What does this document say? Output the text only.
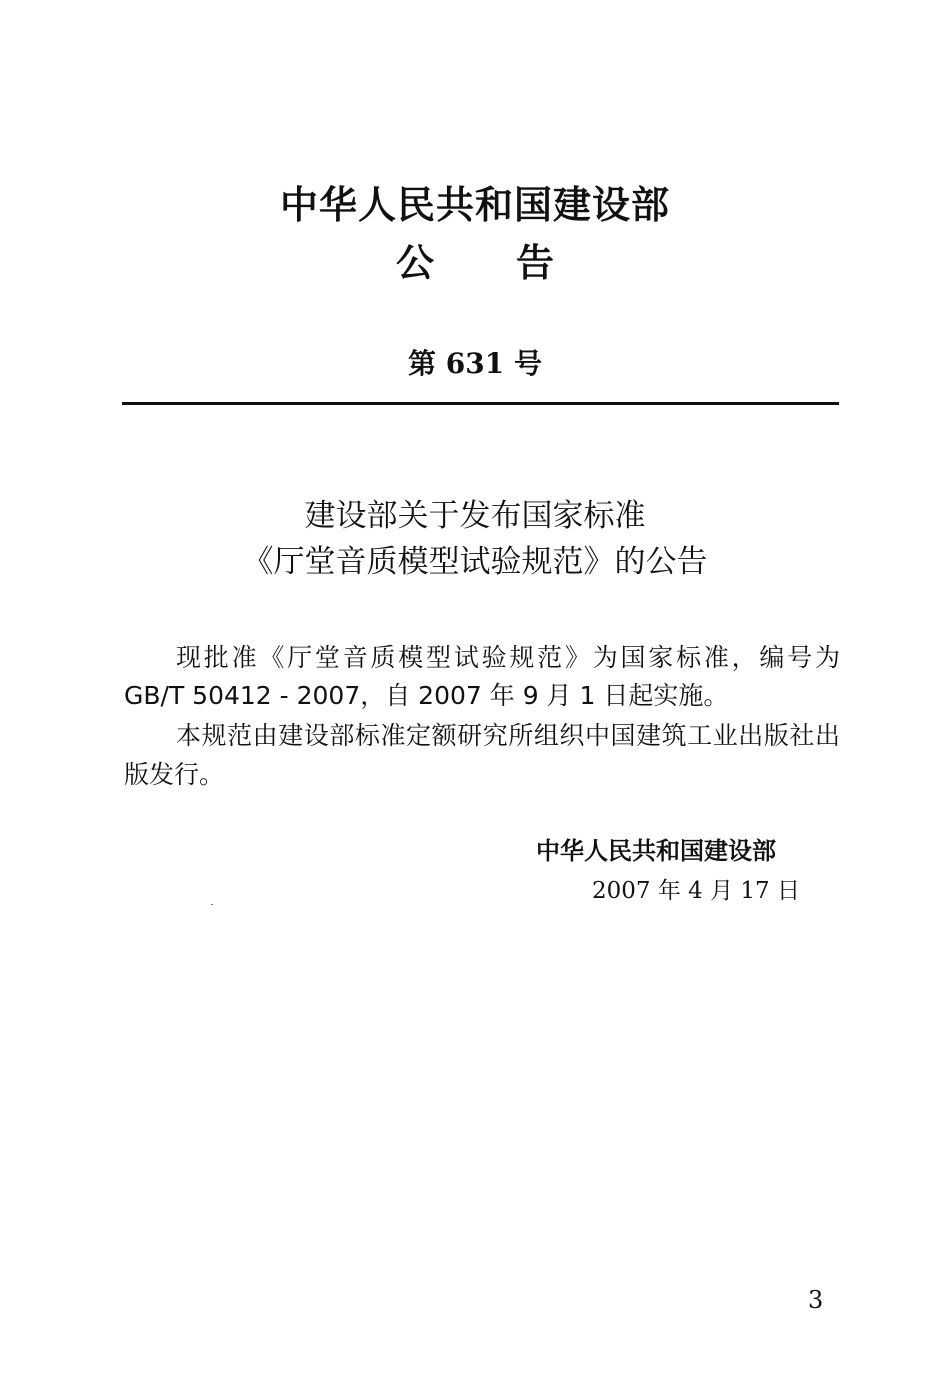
中华人民共和国建设部
公告
第 631 号
建设部关于发布国家标准
《厅堂音质模型试验规范》的公告
现批准《厅堂音质模型试验规范》为国家标准，编号为
GB/T 50412 - 2007，自 2007 年 9 月 1 日起实施。
本规范由建设部标准定额研究所组织中国建筑工业出版社出
版发行。
中华人民共和国建设部
2007 年 4 月 17 日
3
